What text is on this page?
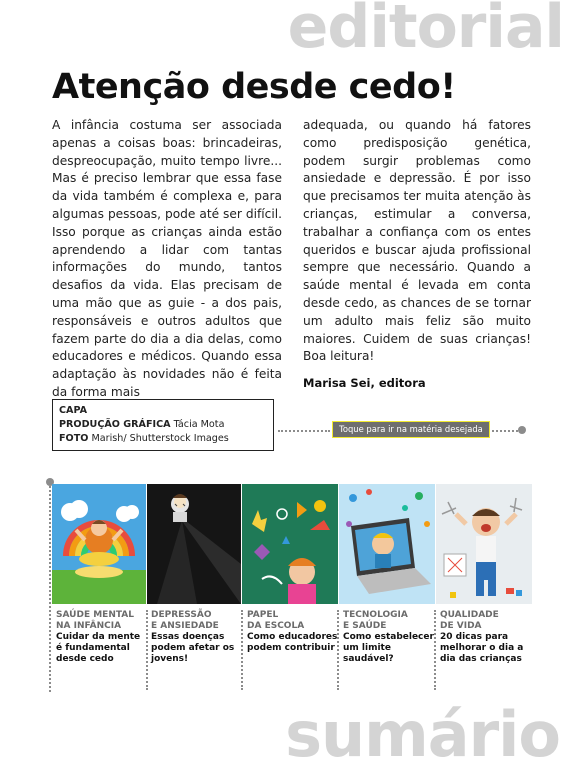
editorial
Atenção desde cedo!
A infância costuma ser associada apenas a coisas boas: brincadeiras, despreocupação, muito tempo livre... Mas é preciso lembrar que essa fase da vida também é complexa e, para algumas pessoas, pode até ser difícil. Isso porque as crianças ainda estão aprendendo a lidar com tantas informações do mundo, tantos desafios da vida. Elas precisam de uma mão que as guie - a dos pais, responsáveis e outros adultos que fazem parte do dia a dia delas, como educadores e médicos. Quando essa adaptação às novidades não é feita da forma mais
adequada, ou quando há fatores como predisposição genética, podem surgir problemas como ansiedade e depressão. É por isso que precisamos ter muita atenção às crianças, estimular a conversa, trabalhar a confiança com os entes queridos e buscar ajuda profissional sempre que necessário. Quando a saúde mental é levada em conta desde cedo, as chances de se tornar um adulto mais feliz são muito maiores. Cuidem de suas crianças! Boa leitura!
Marisa Sei, editora
CAPA
PRODUÇÃO GRÁFICA Tácia Mota
FOTO Marish/ Shutterstock Images
Toque para ir na matéria desejada
SAÚDE MENTAL
NA INFÂNCIA
Cuidar da mente é fundamental desde cedo
DEPRESSÃO
E ANSIEDADE
Essas doenças podem afetar os jovens!
PAPEL
DA ESCOLA
Como educadores podem contribuir
TECNOLOGIA
E SAÚDE
Como estabelecer um limite saudável?
QUALIDADE
DE VIDA
20 dicas para melhorar o dia a dia das crianças
sumário
